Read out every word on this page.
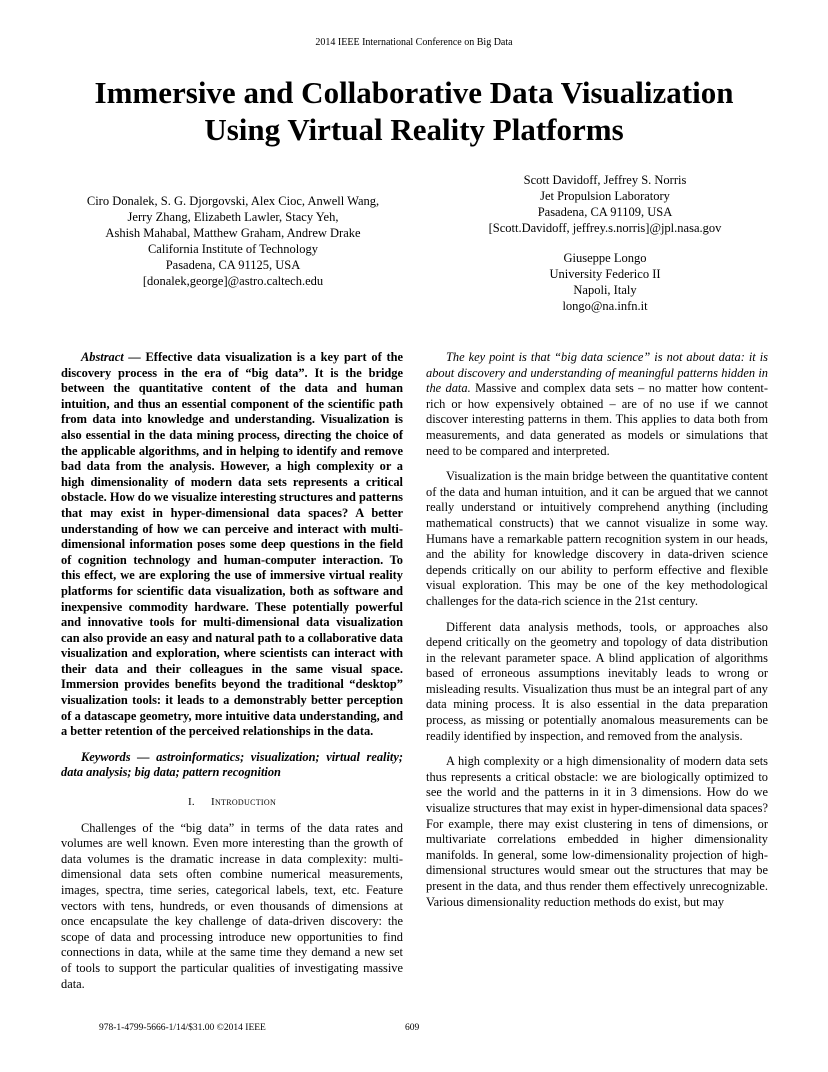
2014 IEEE International Conference on Big Data
Immersive and Collaborative Data Visualization
Using Virtual Reality Platforms
Ciro Donalek, S. G. Djorgovski, Alex Cioc, Anwell Wang,
Jerry Zhang, Elizabeth Lawler, Stacy Yeh,
Ashish Mahabal, Matthew Graham, Andrew Drake
California Institute of Technology
Pasadena, CA 91125, USA
[donalek,george]@astro.caltech.edu
Scott Davidoff, Jeffrey S. Norris
Jet Propulsion Laboratory
Pasadena, CA 91109, USA
[Scott.Davidoff, jeffrey.s.norris]@jpl.nasa.gov
Giuseppe Longo
University Federico II
Napoli, Italy
longo@na.infn.it

Abstract — Effective data visualization is a key part of the discovery process in the era of “big data”. It is the bridge between the quantitative content of the data and human intuition, and thus an essential component of the scientific path from data into knowledge and understanding. Visualization is also essential in the data mining process, directing the choice of the applicable algorithms, and in helping to identify and remove bad data from the analysis. However, a high complexity or a high dimensionality of modern data sets represents a critical obstacle. How do we visualize interesting structures and patterns that may exist in hyper-dimensional data spaces? A better understanding of how we can perceive and interact with multi-dimensional information poses some deep questions in the field of cognition technology and human-computer interaction. To this effect, we are exploring the use of immersive virtual reality platforms for scientific data visualization, both as software and inexpensive commodity hardware. These potentially powerful and innovative tools for multi-dimensional data visualization can also provide an easy and natural path to a collaborative data visualization and exploration, where scientists can interact with their data and their colleagues in the same visual space. Immersion provides benefits beyond the traditional “desktop” visualization tools: it leads to a demonstrably better perception of a datascape geometry, more intuitive data understanding, and a better retention of the perceived relationships in the data.

Keywords — astroinformatics; visualization; virtual reality; data analysis; big data; pattern recognition

I. Introduction

Challenges of the “big data” in terms of the data rates and volumes are well known. Even more interesting than the growth of data volumes is the dramatic increase in data complexity: multi-dimensional data sets often combine numerical measurements, images, spectra, time series, categorical labels, text, etc. Feature vectors with tens, hundreds, or even thousands of dimensions at once encapsulate the key challenge of data-driven discovery: the scope of data and processing introduce new opportunities to find connections in data, while at the same time they demand a new set of tools to support the particular qualities of investigating massive data.

The key point is that “big data science” is not about data: it is about discovery and understanding of meaningful patterns hidden in the data. Massive and complex data sets – no matter how content-rich or how expensively obtained – are of no use if we cannot discover interesting patterns in them. This applies to data both from measurements, and data generated as models or simulations that need to be compared and interpreted.

Visualization is the main bridge between the quantitative content of the data and human intuition, and it can be argued that we cannot really understand or intuitively comprehend anything (including mathematical constructs) that we cannot visualize in some way. Humans have a remarkable pattern recognition system in our heads, and the ability for knowledge discovery in data-driven science depends critically on our ability to perform effective and flexible visual exploration. This may be one of the key methodological challenges for the data-rich science in the 21st century.

Different data analysis methods, tools, or approaches also depend critically on the geometry and topology of data distribution in the relevant parameter space. A blind application of algorithms based of erroneous assumptions inevitably leads to wrong or misleading results. Visualization thus must be an integral part of any data mining process. It is also essential in the data preparation process, as missing or potentially anomalous measurements can be readily identified by inspection, and removed from the analysis.

A high complexity or a high dimensionality of modern data sets thus represents a critical obstacle: we are biologically optimized to see the world and the patterns in it in 3 dimensions. How do we visualize structures that may exist in hyper-dimensional data spaces? For example, there may exist clustering in tens of dimensions, or multivariate correlations embedded in higher dimensionality manifolds. In general, some low-dimensionality projection of high-dimensional structures would smear out the structures that may be present in the data, and thus render them effectively unrecognizable. Various dimensionality reduction methods do exist, but may

978-1-4799-5666-1/14/$31.00 ©2014 IEEE	609
